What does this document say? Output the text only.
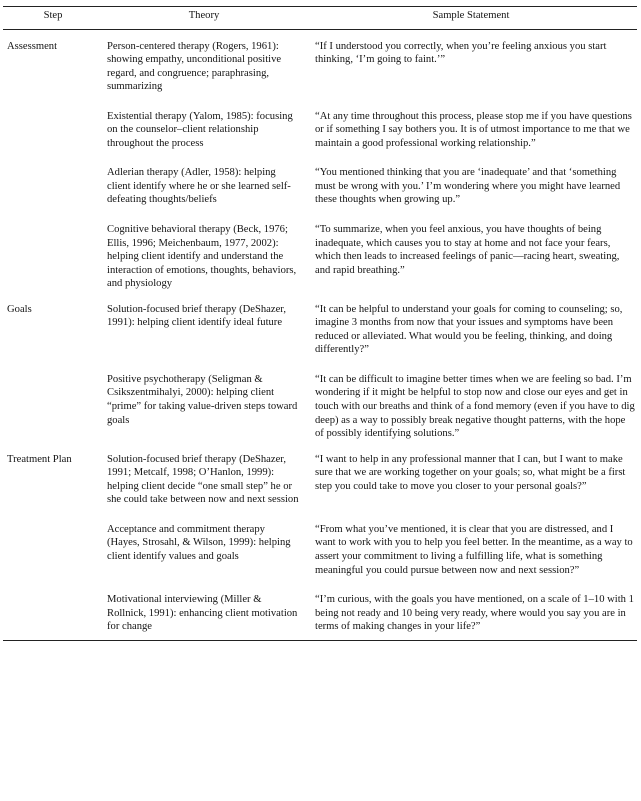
Step	Theory	Sample Statement

Assessment	Person-centered therapy (Rogers, 1961): showing empathy, unconditional positive regard, and congruence; paraphrasing, summarizing	“If I understood you correctly, when you’re feeling anxious you start thinking, ‘I’m going to faint.’”
	Existential therapy (Yalom, 1985): focusing on the counselor–client relationship throughout the process	“At any time throughout this process, please stop me if you have questions or if something I say bothers you. It is of utmost importance to me that we maintain a good professional working relationship.”
	Adlerian therapy (Adler, 1958): helping client identify where he or she learned self-defeating thoughts/beliefs	“You mentioned thinking that you are ‘inadequate’ and that ‘something must be wrong with you.’ I’m wondering where you might have learned these thoughts when growing up.”
	Cognitive behavioral therapy (Beck, 1976; Ellis, 1996; Meichenbaum, 1977, 2002): helping client identify and understand the interaction of emotions, thoughts, behaviors, and physiology	“To summarize, when you feel anxious, you have thoughts of being inadequate, which causes you to stay at home and not face your fears, which then leads to increased feelings of panic—racing heart, sweating, and rapid breathing.”
Goals	Solution-focused brief therapy (DeShazer, 1991): helping client identify ideal future	“It can be helpful to understand your goals for coming to counseling; so, imagine 3 months from now that your issues and symptoms have been reduced or alleviated. What would you be feeling, thinking, and doing differently?”
	Positive psychotherapy (Seligman & Csikszentmihalyi, 2000): helping client “prime” for taking value-driven steps toward goals	“It can be difficult to imagine better times when we are feeling so bad. I’m wondering if it might be helpful to stop now and close our eyes and get in touch with our breaths and think of a fond memory (even if you have to dig deep) as a way to possibly break negative thought patterns, with the hope of possibly identifying solutions.”
Treatment Plan	Solution-focused brief therapy (DeShazer, 1991; Metcalf, 1998; O’Hanlon, 1999): helping client decide “one small step” he or she could take between now and next session	“I want to help in any professional manner that I can, but I want to make sure that we are working together on your goals; so, what might be a first step you could take to move you closer to your personal goals?”
	Acceptance and commitment therapy (Hayes, Strosahl, & Wilson, 1999): helping client identify values and goals	“From what you’ve mentioned, it is clear that you are distressed, and I want to work with you to help you feel better. In the meantime, as a way to assert your commitment to living a fulfilling life, what is something meaningful you could pursue between now and next session?”
	Motivational interviewing (Miller & Rollnick, 1991): enhancing client motivation for change	“I’m curious, with the goals you have mentioned, on a scale of 1–10 with 1 being not ready and 10 being very ready, where would you say you are in terms of making changes in your life?”
